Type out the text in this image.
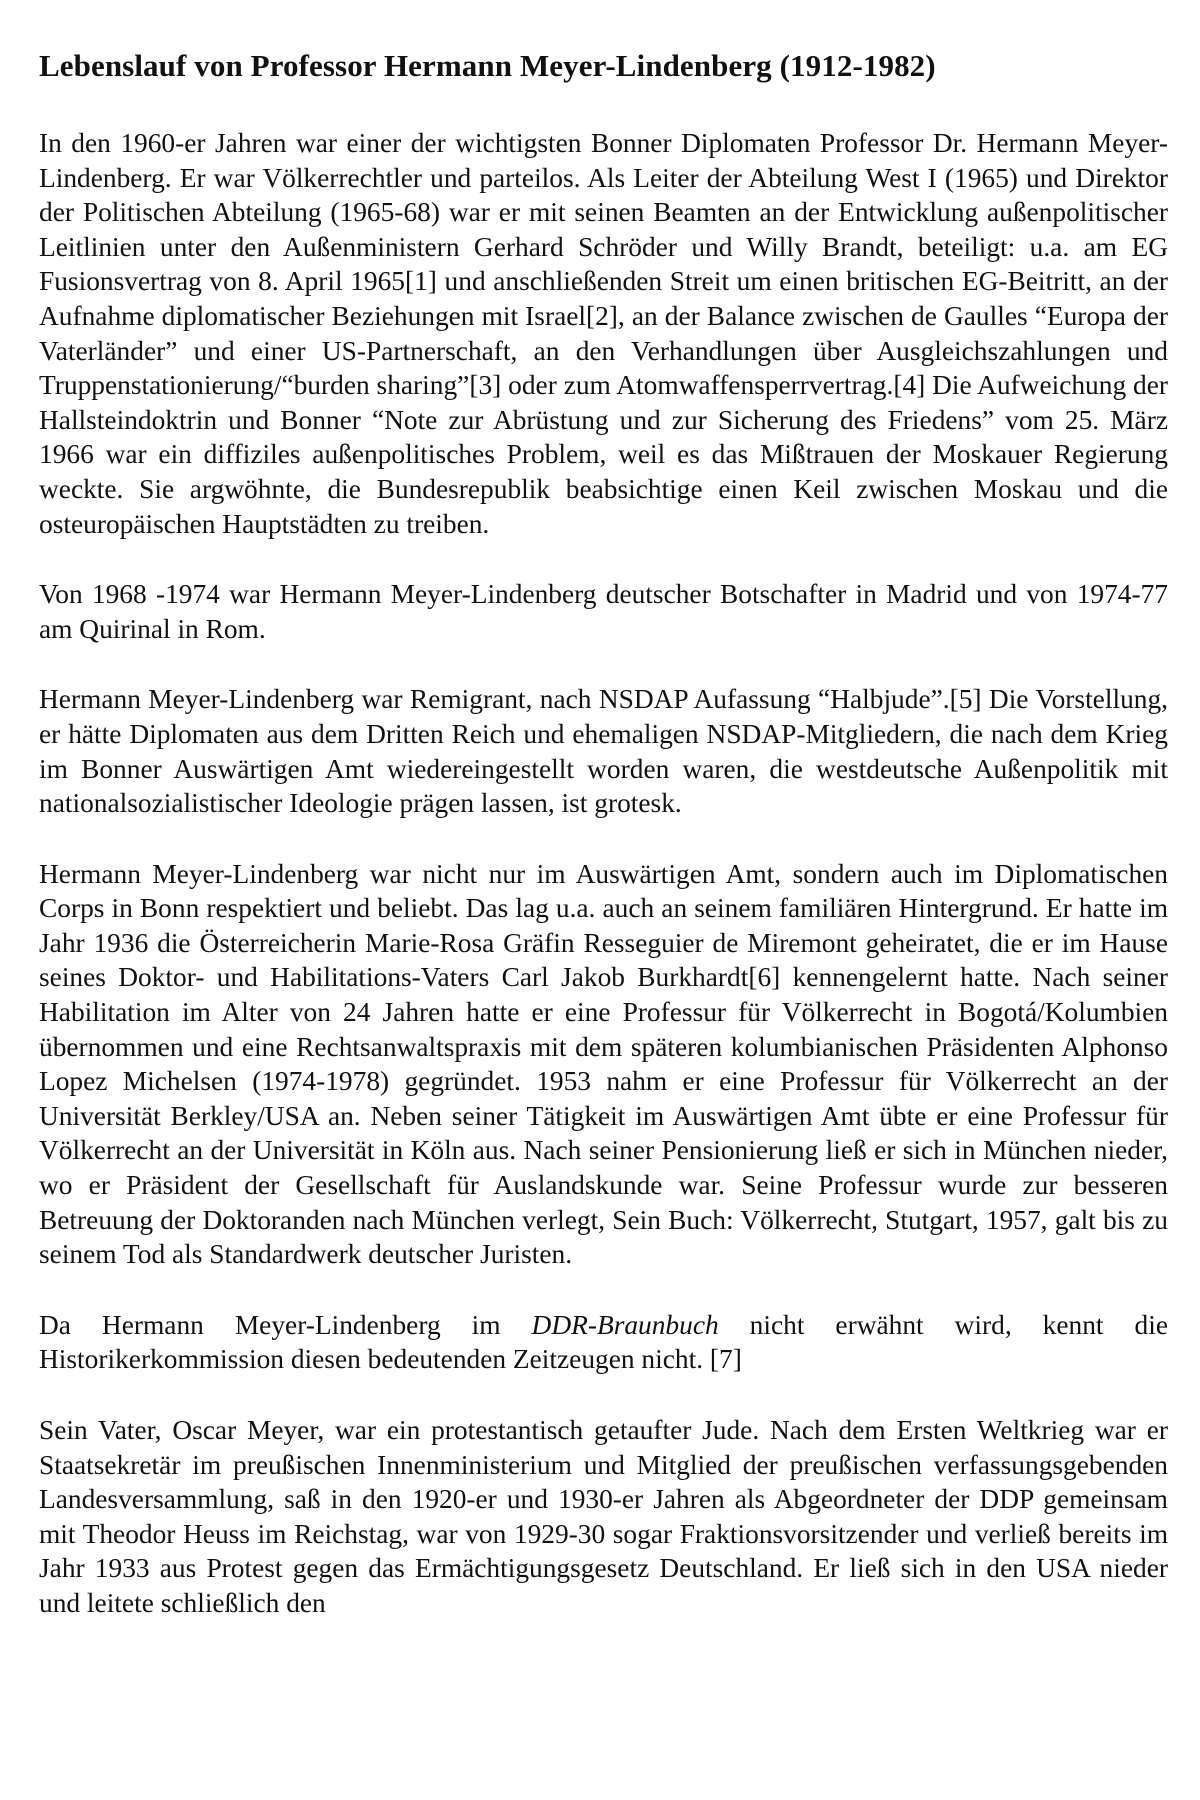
Lebenslauf von Professor Hermann Meyer-Lindenberg (1912-1982)

In den 1960-er Jahren war einer der wichtigsten Bonner Diplomaten Professor Dr. Hermann Meyer-Lindenberg. Er war Völkerrechtler und parteilos. Als Leiter der Abteilung West I (1965) und Direktor der Politischen Abteilung (1965-68) war er mit seinen Beamten an der Entwicklung außenpolitischer Leitlinien unter den Außenministern Gerhard Schröder und Willy Brandt, beteiligt: u.a. am EG Fusionsvertrag von 8. April 1965[1] und anschließenden Streit um einen britischen EG-Beitritt, an der Aufnahme diplomatischer Beziehungen mit Israel[2], an der Balance zwischen de Gaulles “Europa der Vaterländer” und einer US-Partnerschaft, an den Verhandlungen über Ausgleichszahlungen und Truppenstationierung/“burden sharing”[3] oder zum Atomwaffensperrvertrag.[4] Die Aufweichung der Hallsteindoktrin und Bonner “Note zur Abrüstung und zur Sicherung des Friedens” vom 25. März 1966 war ein diffiziles außenpolitisches Problem, weil es das Mißtrauen der Moskauer Regierung weckte. Sie argwöhnte, die Bundesrepublik beabsichtige einen Keil zwischen Moskau und die osteuropäischen Hauptstädten zu treiben.

Von 1968 -1974 war Hermann Meyer-Lindenberg deutscher Botschafter in Madrid und von 1974-77 am Quirinal in Rom.

Hermann Meyer-Lindenberg war Remigrant, nach NSDAP Aufassung “Halbjude”.[5] Die Vorstellung, er hätte Diplomaten aus dem Dritten Reich und ehemaligen NSDAP-Mitgliedern, die nach dem Krieg im Bonner Auswärtigen Amt wiedereingestellt worden waren, die westdeutsche Außenpolitik mit nationalsozialistischer Ideologie prägen lassen, ist grotesk.

Hermann Meyer-Lindenberg war nicht nur im Auswärtigen Amt, sondern auch im Diplomatischen Corps in Bonn respektiert und beliebt. Das lag u.a. auch an seinem familiären Hintergrund. Er hatte im Jahr 1936 die Österreicherin Marie-Rosa Gräfin Resseguier de Miremont geheiratet, die er im Hause seines Doktor- und Habilitations-Vaters Carl Jakob Burkhardt[6] kennengelernt hatte. Nach seiner Habilitation im Alter von 24 Jahren hatte er eine Professur für Völkerrecht in Bogotá/Kolumbien übernommen und eine Rechtsanwaltspraxis mit dem späteren kolumbianischen Präsidenten Alphonso Lopez Michelsen (1974-1978) gegründet. 1953 nahm er eine Professur für Völkerrecht an der Universität Berkley/USA an. Neben seiner Tätigkeit im Auswärtigen Amt übte er eine Professur für Völkerrecht an der Universität in Köln aus. Nach seiner Pensionierung ließ er sich in München nieder, wo er Präsident der Gesellschaft für Auslandskunde war. Seine Professur wurde zur besseren Betreuung der Doktoranden nach München verlegt, Sein Buch: Völkerrecht, Stutgart, 1957, galt bis zu seinem Tod als Standardwerk deutscher Juristen.

Da Hermann Meyer-Lindenberg im DDR-Braunbuch nicht erwähnt wird, kennt die Historikerkommission diesen bedeutenden Zeitzeugen nicht. [7]

Sein Vater, Oscar Meyer, war ein protestantisch getaufter Jude. Nach dem Ersten Weltkrieg war er Staatsekretär im preußischen Innenministerium und Mitglied der preußischen verfassungsgebenden Landesversammlung, saß in den 1920-er und 1930-er Jahren als Abgeordneter der DDP gemeinsam mit Theodor Heuss im Reichstag, war von 1929-30 sogar Fraktionsvorsitzender und verließ bereits im Jahr 1933 aus Protest gegen das Ermächtigungsgesetz Deutschland. Er ließ sich in den USA nieder und leitete schließlich den
